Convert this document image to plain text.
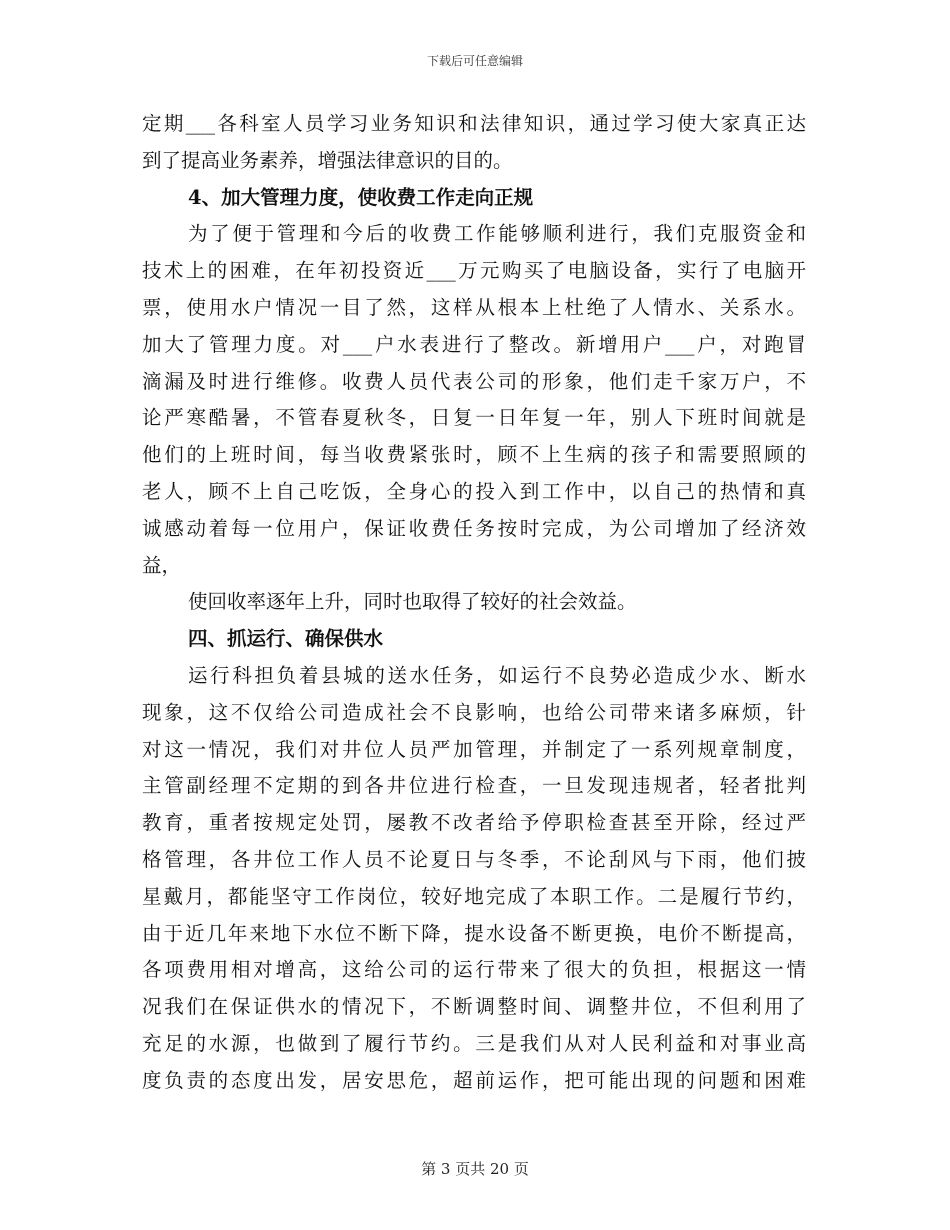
下载后可任意编辑
定期___各科室人员学习业务知识和法律知识，通过学习使大家真正达
到了提高业务素养，增强法律意识的目的。
4、加大管理力度，使收费工作走向正规
为了便于管理和今后的收费工作能够顺利进行，我们克服资金和
技术上的困难，在年初投资近___万元购买了电脑设备，实行了电脑开
票，使用水户情况一目了然，这样从根本上杜绝了人情水、关系水。
加大了管理力度。对___户水表进行了整改。新增用户___户，对跑冒
滴漏及时进行维修。收费人员代表公司的形象，他们走千家万户，不
论严寒酷暑，不管春夏秋冬，日复一日年复一年，别人下班时间就是
他们的上班时间，每当收费紧张时，顾不上生病的孩子和需要照顾的
老人，顾不上自己吃饭，全身心的投入到工作中，以自己的热情和真
诚感动着每一位用户，保证收费任务按时完成，为公司增加了经济效
益，
使回收率逐年上升，同时也取得了较好的社会效益。
四、抓运行、确保供水
运行科担负着县城的送水任务，如运行不良势必造成少水、断水
现象，这不仅给公司造成社会不良影响，也给公司带来诸多麻烦，针
对这一情况，我们对井位人员严加管理，并制定了一系列规章制度，
主管副经理不定期的到各井位进行检查，一旦发现违规者，轻者批判
教育，重者按规定处罚，屡教不改者给予停职检查甚至开除，经过严
格管理，各井位工作人员不论夏日与冬季，不论刮风与下雨，他们披
星戴月，都能坚守工作岗位，较好地完成了本职工作。二是履行节约，
由于近几年来地下水位不断下降，提水设备不断更换，电价不断提高，
各项费用相对增高，这给公司的运行带来了很大的负担，根据这一情
况我们在保证供水的情况下，不断调整时间、调整井位，不但利用了
充足的水源，也做到了履行节约。三是我们从对人民利益和对事业高
度负责的态度出发，居安思危，超前运作，把可能出现的问题和困难
第 3 页共 20 页
